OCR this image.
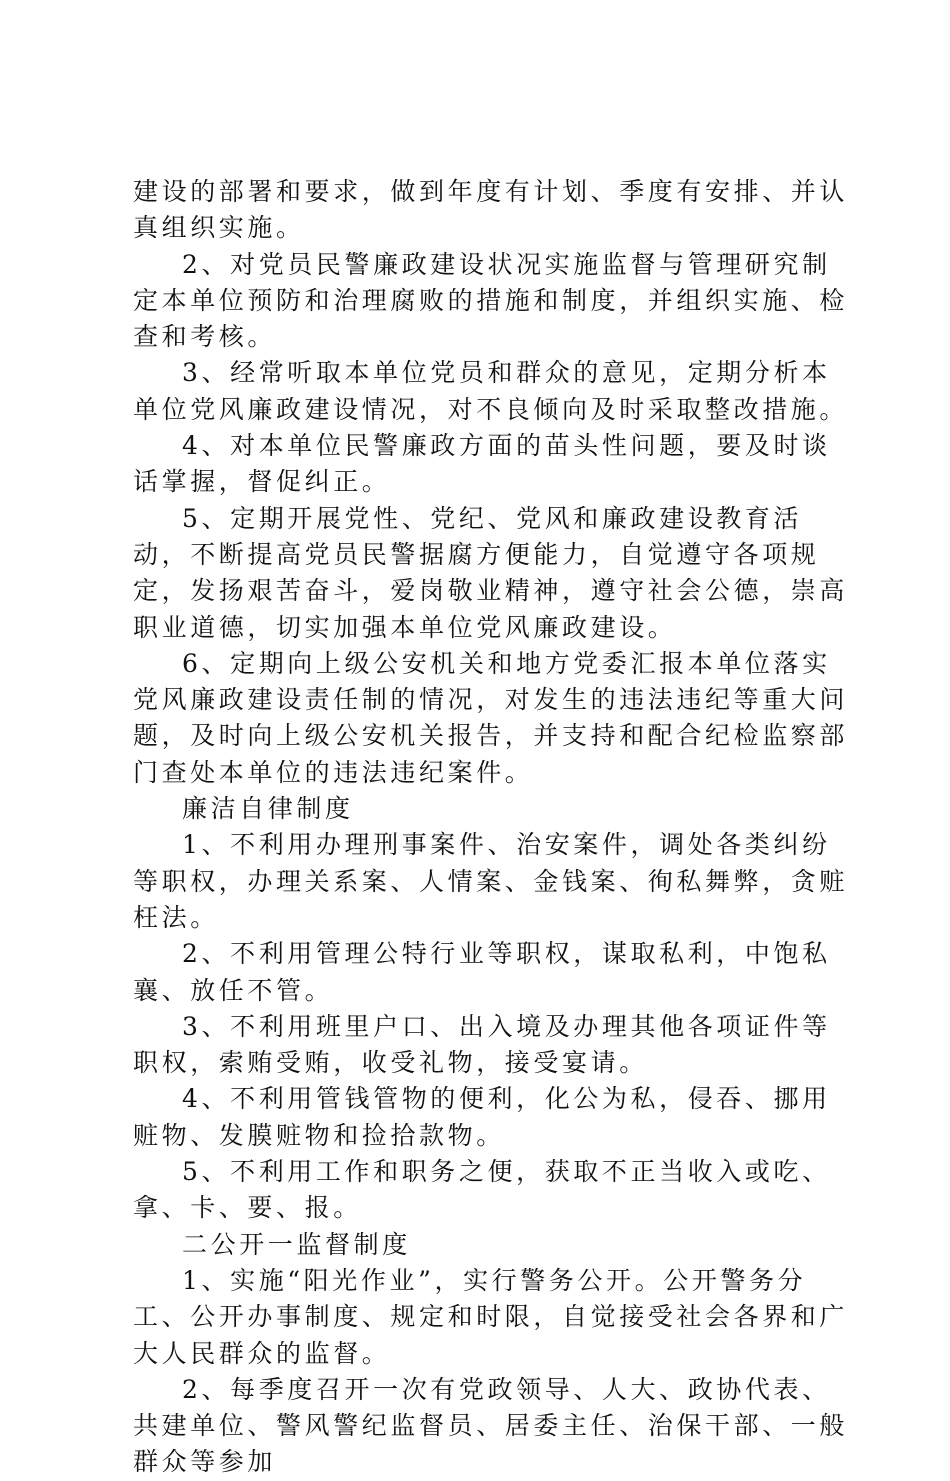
建设的部署和要求，做到年度有计划、季度有安排、并认真组织实施。

2、对党员民警廉政建设状况实施监督与管理研究制定本单位预防和治理腐败的措施和制度，并组织实施、检查和考核。

3、经常听取本单位党员和群众的意见，定期分析本单位党风廉政建设情况，对不良倾向及时采取整改措施。

4、对本单位民警廉政方面的苗头性问题，要及时谈话掌握，督促纠正。

5、定期开展党性、党纪、党风和廉政建设教育活动，不断提高党员民警据腐方便能力，自觉遵守各项规定，发扬艰苦奋斗，爱岗敬业精神，遵守社会公德，崇高职业道德，切实加强本单位党风廉政建设。

6、定期向上级公安机关和地方党委汇报本单位落实党风廉政建设责任制的情况，对发生的违法违纪等重大问题，及时向上级公安机关报告，并支持和配合纪检监察部门查处本单位的违法违纪案件。

廉洁自律制度

1、不利用办理刑事案件、治安案件，调处各类纠纷等职权，办理关系案、人情案、金钱案、徇私舞弊，贪赃枉法。

2、不利用管理公特行业等职权，谋取私利，中饱私襄、放任不管。

3、不利用班里户口、出入境及办理其他各项证件等职权，索贿受贿，收受礼物，接受宴请。

4、不利用管钱管物的便利，化公为私，侵吞、挪用赃物、发膜赃物和捡拾款物。

5、不利用工作和职务之便，获取不正当收入或吃、拿、卡、要、报。

二公开一监督制度

1、实施“阳光作业”，实行警务公开。公开警务分工、公开办事制度、规定和时限，自觉接受社会各界和广大人民群众的监督。

2、每季度召开一次有党政领导、人大、政协代表、共建单位、警风警纪监督员、居委主任、治保干部、一般群众等参加
